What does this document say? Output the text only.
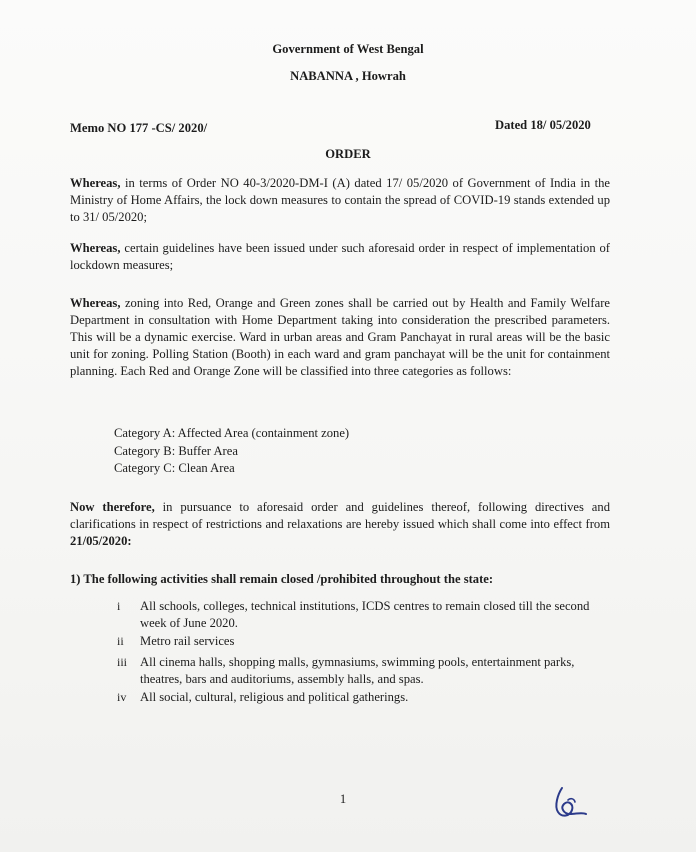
Government of West Bengal
NABANNA , Howrah
Memo NO 177 -CS/ 2020/	Dated 18/ 05/2020
ORDER
Whereas, in terms of Order NO 40-3/2020-DM-I (A) dated 17/ 05/2020 of Government of India in the Ministry of Home Affairs, the lock down measures to contain the spread of COVID-19 stands extended up to 31/ 05/2020;
Whereas, certain guidelines have been issued under such aforesaid order in respect of implementation of lockdown measures;
Whereas, zoning into Red, Orange and Green zones shall be carried out by Health and Family Welfare Department in consultation with Home Department taking into consideration the prescribed parameters. This will be a dynamic exercise. Ward in urban areas and Gram Panchayat in rural areas will be the basic unit for zoning. Polling Station (Booth) in each ward and gram panchayat will be the unit for containment planning. Each Red and Orange Zone will be classified into three categories as follows:
Category A: Affected Area (containment zone)
Category B: Buffer Area
Category C: Clean Area
Now therefore, in pursuance to aforesaid order and guidelines thereof, following directives and clarifications in respect of restrictions and relaxations are hereby issued which shall come into effect from 21/05/2020:
1) The following activities shall remain closed /prohibited throughout the state:
i	All schools, colleges, technical institutions, ICDS centres to remain closed till the second week of June 2020.
ii	Metro rail services
iii	All cinema halls, shopping malls, gymnasiums, swimming pools, entertainment parks, theatres, bars and auditoriums, assembly halls, and spas.
iv	All social, cultural, religious and political gatherings.
1
